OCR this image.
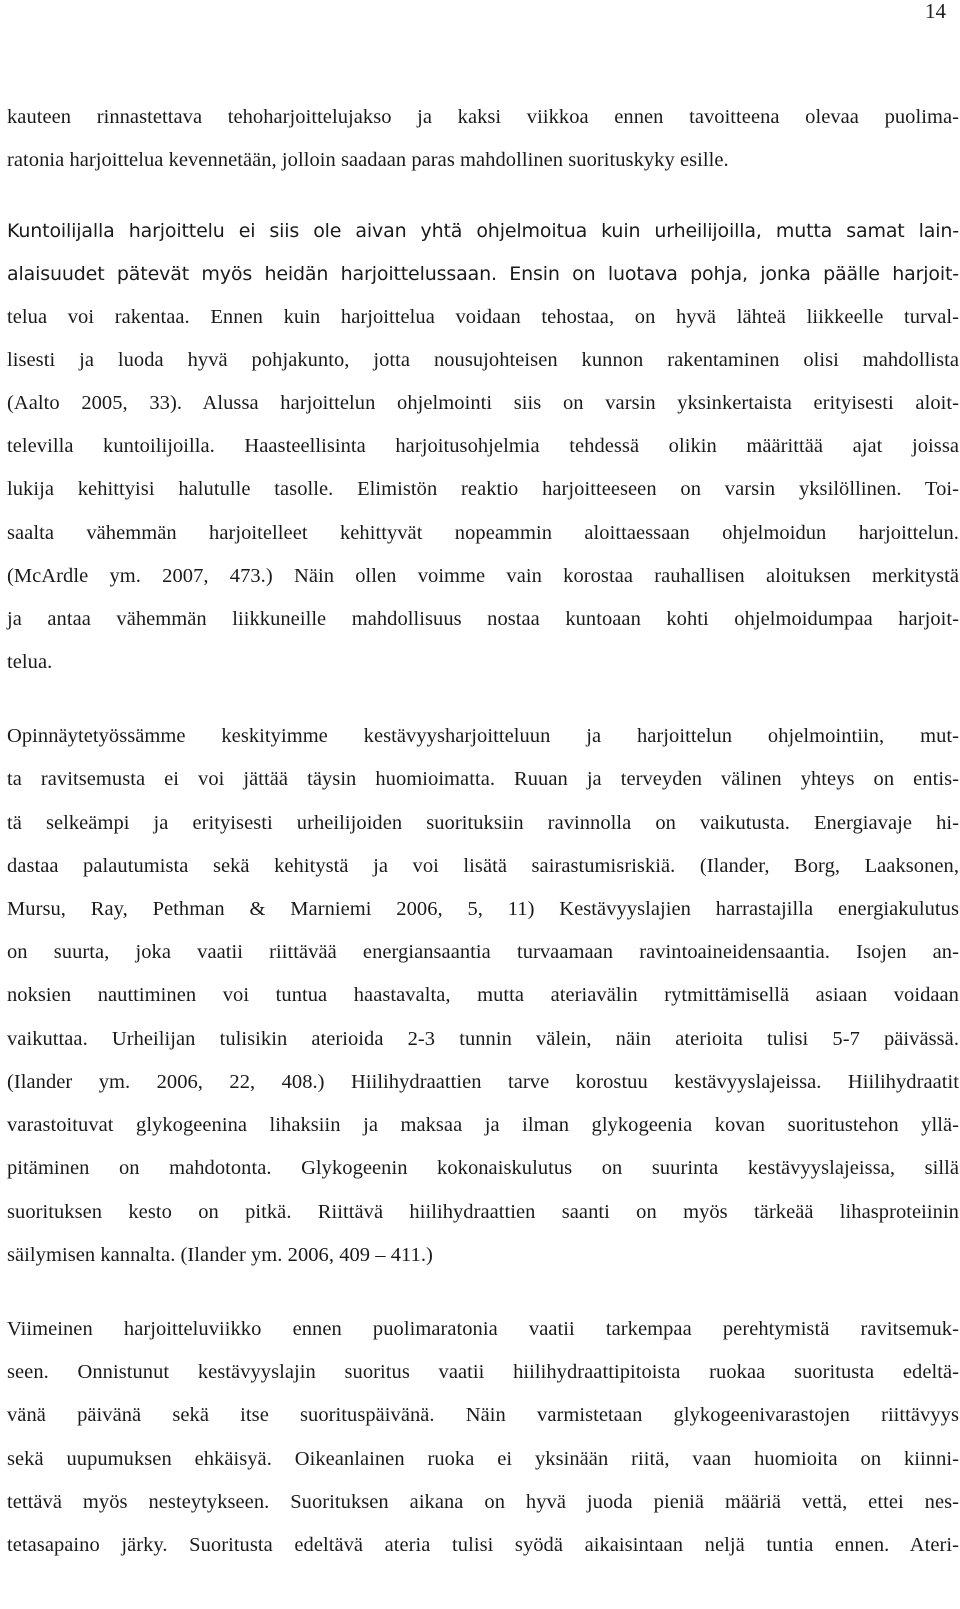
14
kauteen rinnastettava tehoharjoittelujakso ja kaksi viikkoa ennen tavoitteena olevaa puolima-
ratonia harjoittelua kevennetään, jolloin saadaan paras mahdollinen suorituskyky esille.
Kuntoilijalla harjoittelu ei siis ole aivan yhtä ohjelmoitua kuin urheilijoilla, mutta samat lain-
alaisuudet pätevät myös heidän harjoittelussaan. Ensin on luotava pohja, jonka päälle harjoit-
telua voi rakentaa. Ennen kuin harjoittelua voidaan tehostaa, on hyvä lähteä liikkeelle turval-
lisesti ja luoda hyvä pohjakunto, jotta nousujohteisen kunnon rakentaminen olisi mahdollista
(Aalto 2005, 33). Alussa harjoittelun ohjelmointi siis on varsin yksinkertaista erityisesti aloit-
televilla kuntoilijoilla. Haasteellisinta harjoitusohjelmia tehdessä olikin määrittää ajat joissa
lukija kehittyisi halutulle tasolle. Elimistön reaktio harjoitteeseen on varsin yksilöllinen. Toi-
saalta vähemmän harjoitelleet kehittyvät nopeammin aloittaessaan ohjelmoidun harjoittelun.
(McArdle ym. 2007, 473.) Näin ollen voimme vain korostaa rauhallisen aloituksen merkitystä
ja antaa vähemmän liikkuneille mahdollisuus nostaa kuntoaan kohti ohjelmoidumpaa harjoit-
telua.
Opinnäytetyössämme keskityimme kestävyysharjoitteluun ja harjoittelun ohjelmointiin, mut-
ta ravitsemusta ei voi jättää täysin huomioimatta. Ruuan ja terveyden välinen yhteys on entis-
tä selkeämpi ja erityisesti urheilijoiden suorituksiin ravinnolla on vaikutusta. Energiavaje hi-
dastaa palautumista sekä kehitystä ja voi lisätä sairastumisriskiä. (Ilander, Borg, Laaksonen,
Mursu, Ray, Pethman & Marniemi 2006, 5, 11) Kestävyyslajien harrastajilla energiakulutus
on suurta, joka vaatii riittävää energiansaantia turvaamaan ravintoaineidensaantia. Isojen an-
noksien nauttiminen voi tuntua haastavalta, mutta ateriavälin rytmittämisellä asiaan voidaan
vaikuttaa. Urheilijan tulisikin aterioida 2-3 tunnin välein, näin aterioita tulisi 5-7 päivässä.
(Ilander ym. 2006, 22, 408.) Hiilihydraattien tarve korostuu kestävyyslajeissa. Hiilihydraatit
varastoituvat glykogeenina lihaksiin ja maksaa ja ilman glykogeenia kovan suoritustehon yllä-
pitäminen on mahdotonta. Glykogeenin kokonaiskulutus on suurinta kestävyyslajeissa, sillä
suorituksen kesto on pitkä. Riittävä hiilihydraattien saanti on myös tärkeää lihasproteiinin
säilymisen kannalta. (Ilander ym. 2006, 409 – 411.)
Viimeinen harjoitteluviikko ennen puolimaratonia vaatii tarkempaa perehtymistä ravitsemuk-
seen. Onnistunut kestävyyslajin suoritus vaatii hiilihydraattipitoista ruokaa suoritusta edeltä-
vänä päivänä sekä itse suorituspäivänä. Näin varmistetaan glykogeenivarastojen riittävyys
sekä uupumuksen ehkäisyä. Oikeanlainen ruoka ei yksinään riitä, vaan huomioita on kiinni-
tettävä myös nesteytykseen. Suorituksen aikana on hyvä juoda pieniä määriä vettä, ettei nes-
tetasapaino järky. Suoritusta edeltävä ateria tulisi syödä aikaisintaan neljä tuntia ennen. Ateri-
